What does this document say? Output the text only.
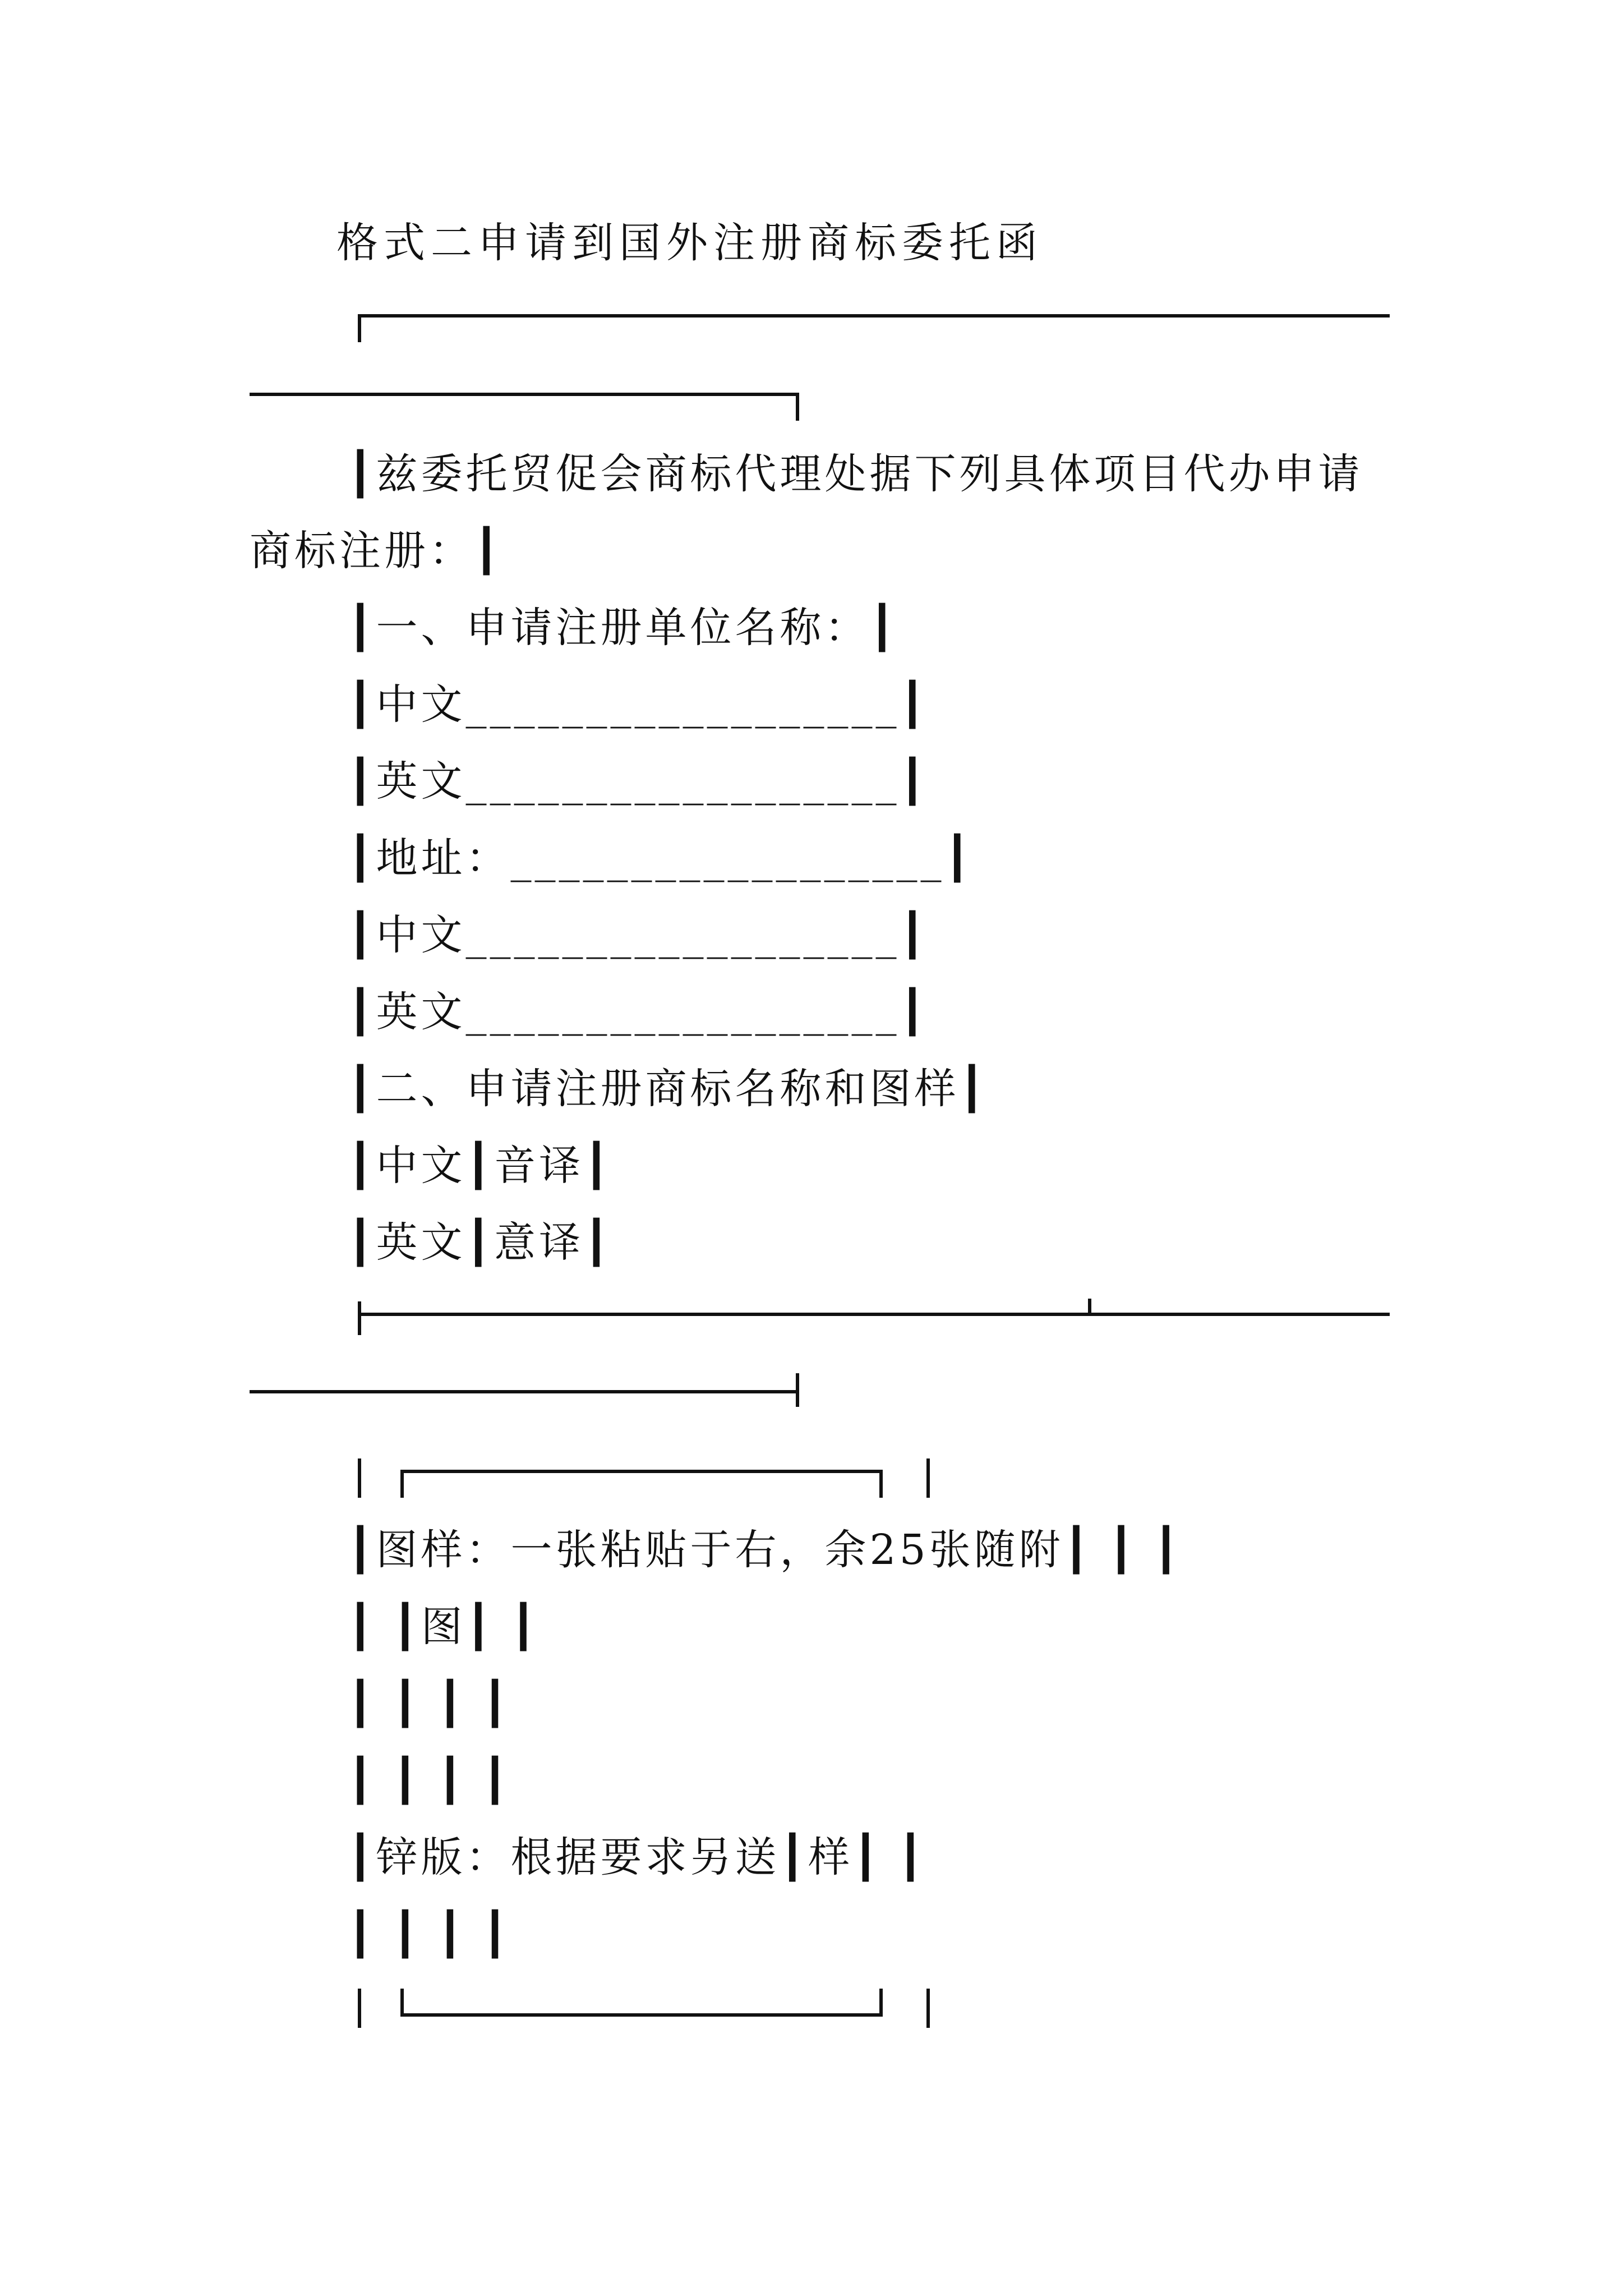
格式二申请到国外注册商标委托函
┃兹委托贸促会商标代理处据下列具体项目代办申请
商标注册：┃
┃一、申请注册单位名称：┃
┃中文__________________┃
┃英文__________________┃
┃地址：__________________┃
┃中文__________________┃
┃英文__________________┃
┃二、申请注册商标名称和图样┃
┃中文┃音译┃
┃英文┃意译┃
┃图样：一张粘贴于右，余25张随附┃ ┃ ┃
┃ ┃图┃ ┃
┃ ┃ ┃ ┃
┃ ┃ ┃ ┃
┃锌版：根据要求另送┃样┃ ┃
┃ ┃ ┃ ┃
